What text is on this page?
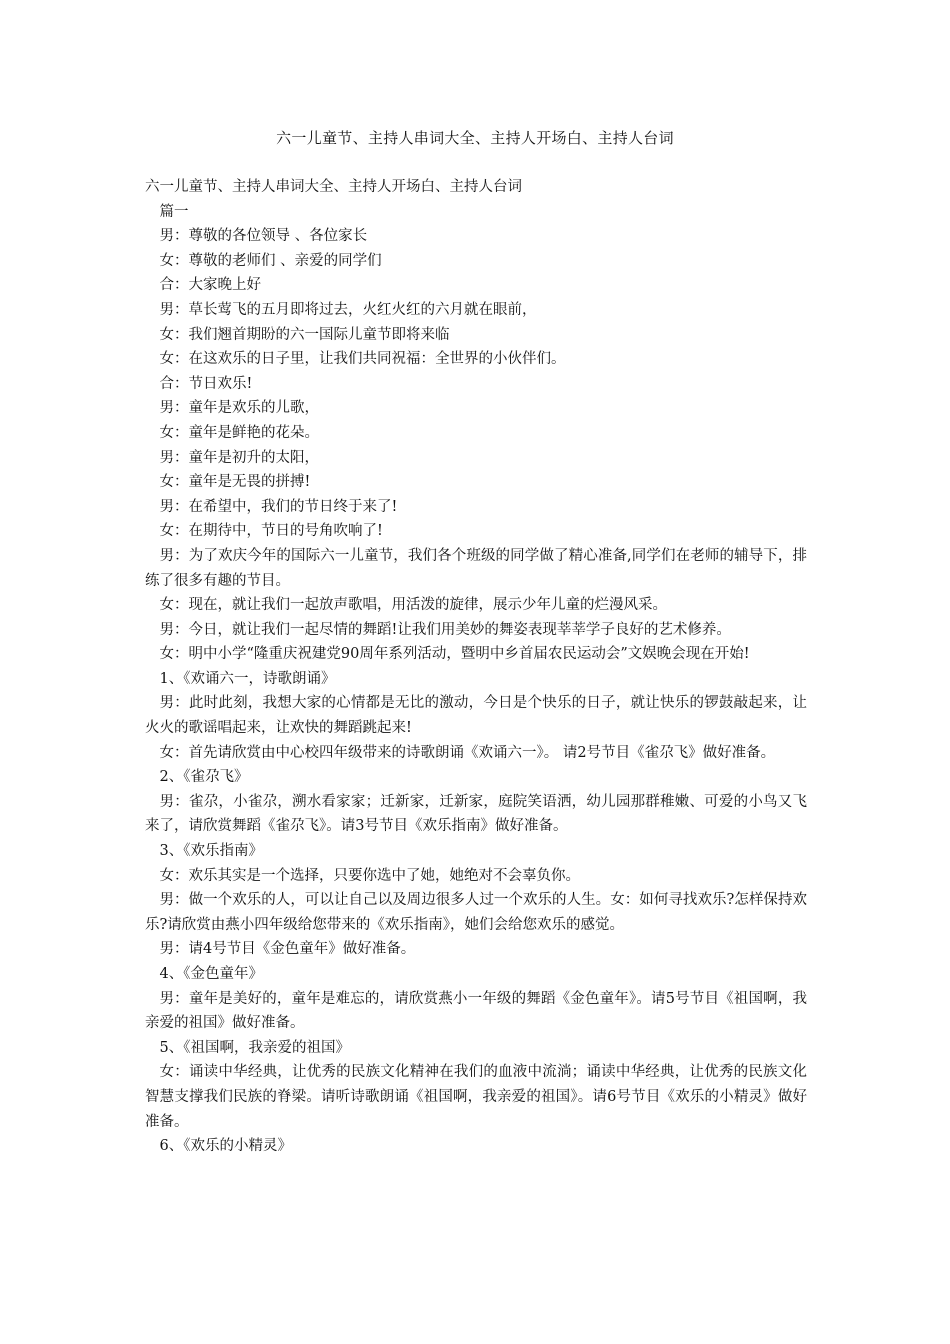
六一儿童节、主持人串词大全、主持人开场白、主持人台词

六一儿童节、主持人串词大全、主持人开场白、主持人台词

篇一

男：尊敬的各位领导 、各位家长

女：尊敬的老师们 、亲爱的同学们

合：大家晚上好

男：草长莺飞的五月即将过去，火红火红的六月就在眼前，

女：我们翘首期盼的六一国际儿童节即将来临

女：在这欢乐的日子里，让我们共同祝福：全世界的小伙伴们。

合：节日欢乐!

男：童年是欢乐的儿歌，

女：童年是鲜艳的花朵。

男：童年是初升的太阳，

女：童年是无畏的拼搏!

男：在希望中，我们的节日终于来了!

女：在期待中，节日的号角吹响了!

男：为了欢庆今年的国际六一儿童节，我们各个班级的同学做了精心准备,同学们在老师的辅导下，排练了很多有趣的节目。

女：现在，就让我们一起放声歌唱，用活泼的旋律，展示少年儿童的烂漫风采。

男：今日，就让我们一起尽情的舞蹈!让我们用美妙的舞姿表现莘莘学子良好的艺术修养。

女：明中小学“隆重庆祝建党90周年系列活动，暨明中乡首届农民运动会”文娱晚会现在开始!

1、《欢诵六一，诗歌朗诵》

男：此时此刻，我想大家的心情都是无比的激动，今日是个快乐的日子，就让快乐的锣鼓敲起来，让火火的歌谣唱起来，让欢快的舞蹈跳起来!

女：首先请欣赏由中心校四年级带来的诗歌朗诵《欢诵六一》。 请2号节目《雀尕飞》做好准备。

2、《雀尕飞》

男：雀尕，小雀尕，溯水看家家；迁新家，迁新家，庭院笑语洒，幼儿园那群稚嫩、可爱的小鸟又飞来了，请欣赏舞蹈《雀尕飞》。请3号节目《欢乐指南》做好准备。

3、《欢乐指南》

女：欢乐其实是一个选择，只要你选中了她，她绝对不会辜负你。

男：做一个欢乐的人，可以让自己以及周边很多人过一个欢乐的人生。女：如何寻找欢乐?怎样保持欢乐?请欣赏由燕小四年级给您带来的《欢乐指南》，她们会给您欢乐的感觉。

男：请4号节目《金色童年》做好准备。

4、《金色童年》

男：童年是美好的，童年是难忘的，请欣赏燕小一年级的舞蹈《金色童年》。请5号节目《祖国啊，我亲爱的祖国》做好准备。

5、《祖国啊，我亲爱的祖国》

女：诵读中华经典，让优秀的民族文化精神在我们的血液中流淌；诵读中华经典，让优秀的民族文化智慧支撑我们民族的脊梁。请听诗歌朗诵《祖国啊，我亲爱的祖国》。请6号节目《欢乐的小精灵》做好准备。

6、《欢乐的小精灵》
